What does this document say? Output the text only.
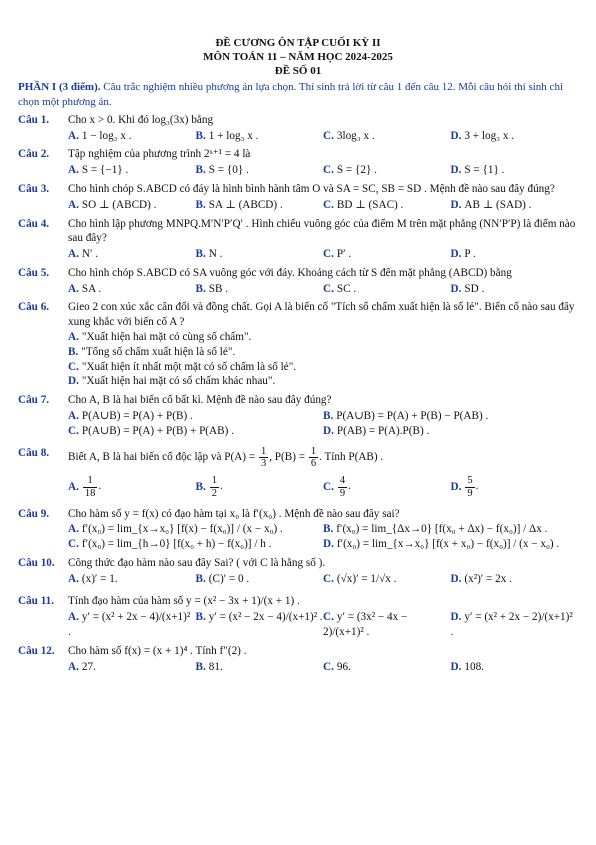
ĐỀ CƯƠNG ÔN TẬP CUỐI KỲ II
MÔN TOÁN 11 – NĂM HỌC 2024-2025
ĐỀ SỐ 01
PHẦN I (3 điểm). Câu trắc nghiệm nhiều phương án lựa chọn. Thí sinh trả lời từ câu 1 đến câu 12. Mỗi câu hỏi thí sinh chỉ chọn một phương án.
Câu 1.	Cho x > 0. Khi đó log₃(3x) bằng
A. 1 − log₃ x .	B. 1 + log₃ x .	C. 3log₃ x .	D. 3 + log₃ x .
Câu 2.	Tập nghiệm của phương trình 2ˣ⁺¹ = 4 là
A. S = {−1} .	B. S = {0} .	C. S = {2} .	D. S = {1} .
Câu 3.	Cho hình chóp S.ABCD có đáy là hình bình hành tâm O và SA = SC, SB = SD . Mệnh đề nào sau đây đúng?
A. SO ⊥ (ABCD) .	B. SA ⊥ (ABCD) .	C. BD ⊥ (SAC) .	D. AB ⊥ (SAD) .
Câu 4.	Cho hình lập phương MNPQ.M′N′P′Q′ . Hình chiếu vuông góc của điểm M trên mặt phẳng (NN′P′P) là điểm nào sau đây?
A. N′ .	B. N .	C. P′ .	D. P .
Câu 5.	Cho hình chóp S.ABCD có SA vuông góc với đáy. Khoảng cách từ S đến mặt phẳng (ABCD) bằng
A. SA .	B. SB .	C. SC .	D. SD .
Câu 6.	Gieo 2 con xúc xắc cân đối và đồng chất. Gọi A là biến cố "Tích số chấm xuất hiện là số lẻ". Biến cố nào sau đây xung khắc với biến cố A ?
A. "Xuất hiện hai mặt có cùng số chấm".
B. "Tổng số chấm xuất hiện là số lẻ".
C. "Xuất hiện ít nhất một mặt có số chấm là số lẻ".
D. "Xuất hiện hai mặt có số chấm khác nhau".
Câu 7.	Cho A, B là hai biến cố bất kì. Mệnh đề nào sau đây đúng?
A. P(A∪B) = P(A) + P(B) .	B. P(A∪B) = P(A) + P(B) − P(AB) .
C. P(A∪B) = P(A) + P(B) + P(AB) .	D. P(AB) = P(A).P(B) .
Câu 8.	Biết A, B là hai biến cố độc lập và $P(A) = \frac{1}{3}$ , $P(B) = \frac{1}{6}$ . Tính P(AB) .
A. $\frac{1}{18}$ .	B. $\frac{1}{2}$ .	C. $\frac{4}{9}$ .	D. $\frac{5}{9}$ .
Câu 9.	Cho hàm số y = f(x) có đạo hàm tại x₀ là f′(x₀) . Mệnh đề nào sau đây sai?
A. f′(x₀) = lim_{x→x₀} [f(x) − f(x₀)] / (x − x₀) .	B. f′(x₀) = lim_{Δx→0} [f(x₀ + Δx) − f(x₀)] / Δx .
C. f′(x₀) = lim_{h→0} [f(x₀ + h) − f(x₀)] / h .	D. f′(x₀) = lim_{x→x₀} [f(x + x₀) − f(x₀)] / (x − x₀) .
Câu 10.	Công thức đạo hàm nào sau đây Sai? ( với C là hằng số ).
A. (x)′ = 1.	B. (C)′ = 0 .	C. (√x)′ = 1/√x .	D. (x²)′ = 2x .
Câu 11.	Tính đạo hàm của hàm số y = (x² − 3x + 1)/(x + 1) .
A. y′ = (x² + 2x − 4)/(x+1)² .
B. y′ = (x² − 2x − 4)/(x+1)² . C. y′ = (3x² − 4x − 2)/(x+1)² .
D. y′ = (x² + 2x − 2)/(x+1)² .
Câu 12.	Cho hàm số f(x) = (x + 1)⁴ . Tính f″(2) .
A. 27.	B. 81.	C. 96.	D. 108.
